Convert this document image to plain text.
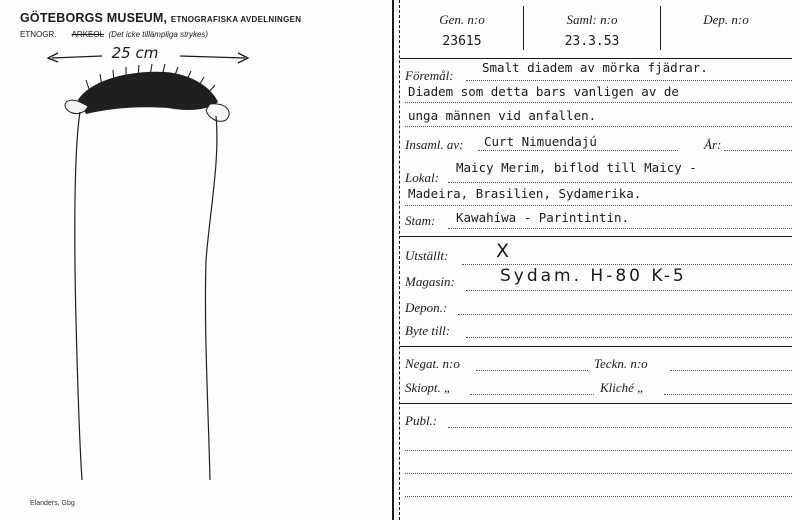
GÖTEBORGS MUSEUM, ETNOGRAFISKA AVDELNINGEN
ETNOGR. ARKEOL (Det icke tillämpliga strykes)
25 cm
Elanders, Gbg
Gen. n:o
23615
Saml: n:o
23.3.53
Dep. n:o
Föremål:
Smalt diadem av mörka fjädrar.
Diadem som detta bars vanligen av de
unga männen vid anfallen.
Insaml. av: Curt Nimuendajú	År:
Lokal:
Maicy Merim, biflod till Maicy -
Madeira, Brasilien, Sydamerika.
Stam: Kawahíwa - Parintintin.
Utställt:	X
Magasin:	Sydam. H-80 K-5
Depon.:
Byte till:
Negat. n:o	Teckn. n:o
Skiopt. „	Kliché „
Publ.:
